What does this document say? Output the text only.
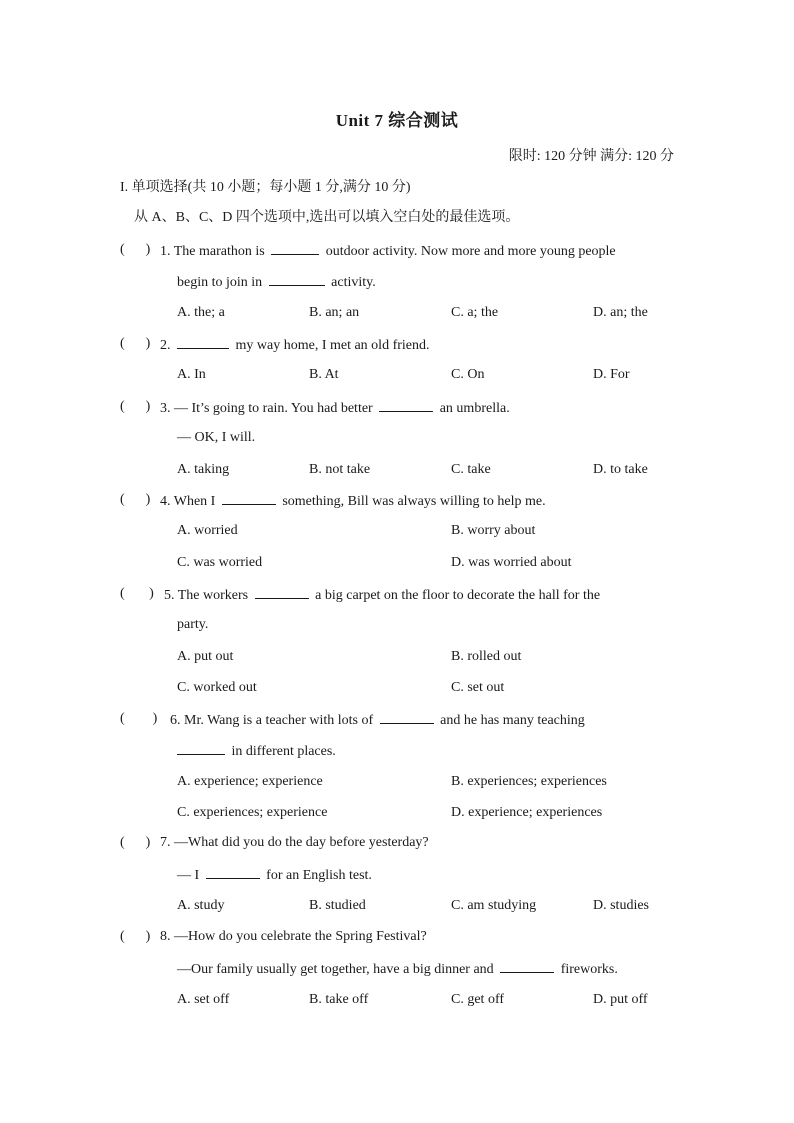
Unit 7 综合测试
限时: 120 分钟 满分: 120 分
I. 单项选择(共 10 小题；每小题 1 分,满分 10 分)
从 A、B、C、D 四个选项中,选出可以填入空白处的最佳选项。
(      ) 1. The marathon is	outdoor activity. Now more and more young people
begin to join in	activity.
A. the; a	B. an; an	C. a; the	D. an; the
(      ) 2.	my way home, I met an old friend.
A. In	B. At	C. On	D. For
(      ) 3. — It’s going to rain. You had better	an umbrella.
— OK, I will.
A. taking	B. not take	C. take	D. to take
(      ) 4. When I	something, Bill was always willing to help me.
A. worried	B. worry about
C. was worried	D. was worried about
(       ) 5. The workers	a big carpet on the floor to decorate the hall for the
party.
A. put out	B. rolled out
C. worked out	C. set out
(        ) 6. Mr. Wang is a teacher with lots of	and he has many teaching
in different places.
A. experience; experience	B. experiences; experiences
C. experiences; experience	D. experience; experiences
(      ) 7. —What did you do the day before yesterday?
— I	for an English test.
A. study	B. studied	C. am studying	D. studies
(      ) 8. —How do you celebrate the Spring Festival?
—Our family usually get together, have a big dinner and	fireworks.
A. set off	B. take off	C. get off	D. put off
